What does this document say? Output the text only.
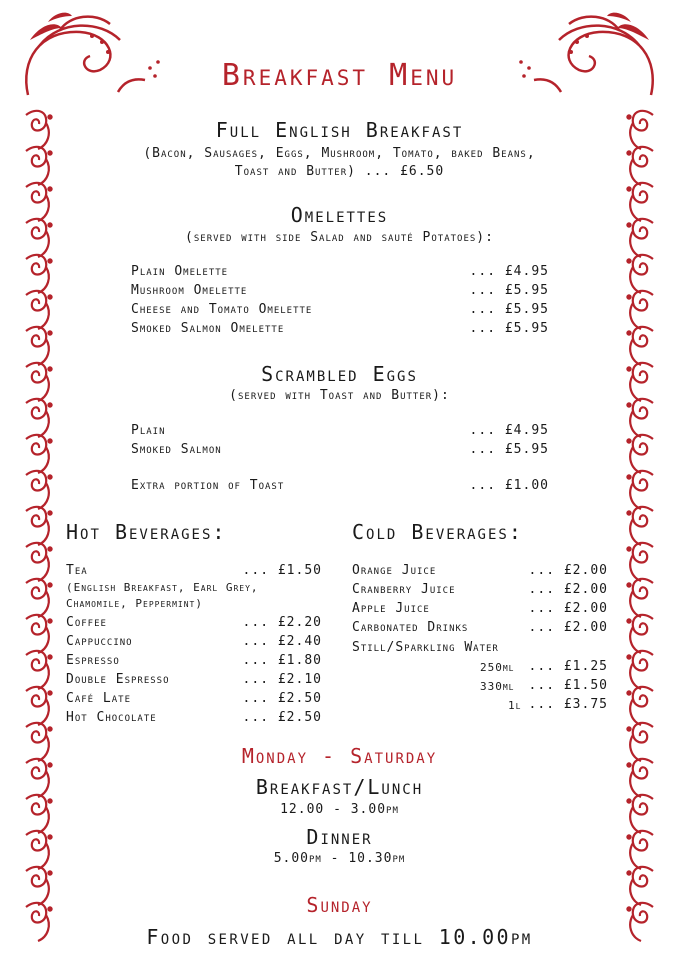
Breakfast Menu
Full English Breakfast
(Bacon, Sausages, Eggs, Mushroom, Tomato, baked Beans,
Toast and Butter) ... £6.50
Omelettes
(served with side Salad and sauté Potatoes):
Plain Omelette	... £4.95
Mushroom Omelette	... £5.95
Cheese and Tomato Omelette	... £5.95
Smoked Salmon Omelette	... £5.95
Scrambled Eggs
(served with Toast and Butter):
Plain	... £4.95
Smoked Salmon	... £5.95
Extra portion of Toast	... £1.00
Hot Beverages:
Tea	... £1.50
(English Breakfast, Earl Grey,
Chamomile, Peppermint)
Coffee	... £2.20
Cappuccino	... £2.40
Espresso	... £1.80
Double Espresso	... £2.10
Café Late	... £2.50
Hot Chocolate	... £2.50
Cold Beverages:
Orange Juice	... £2.00
Cranberry Juice	... £2.00
Apple Juice	... £2.00
Carbonated Drinks	... £2.00
Still/Sparkling Water
250ml ... £1.25
330ml ... £1.50
1l ... £3.75
Monday - Saturday
Breakfast/Lunch
12.00 - 3.00pm
Dinner
5.00pm - 10.30pm
Sunday
Food served all day till 10.00pm
